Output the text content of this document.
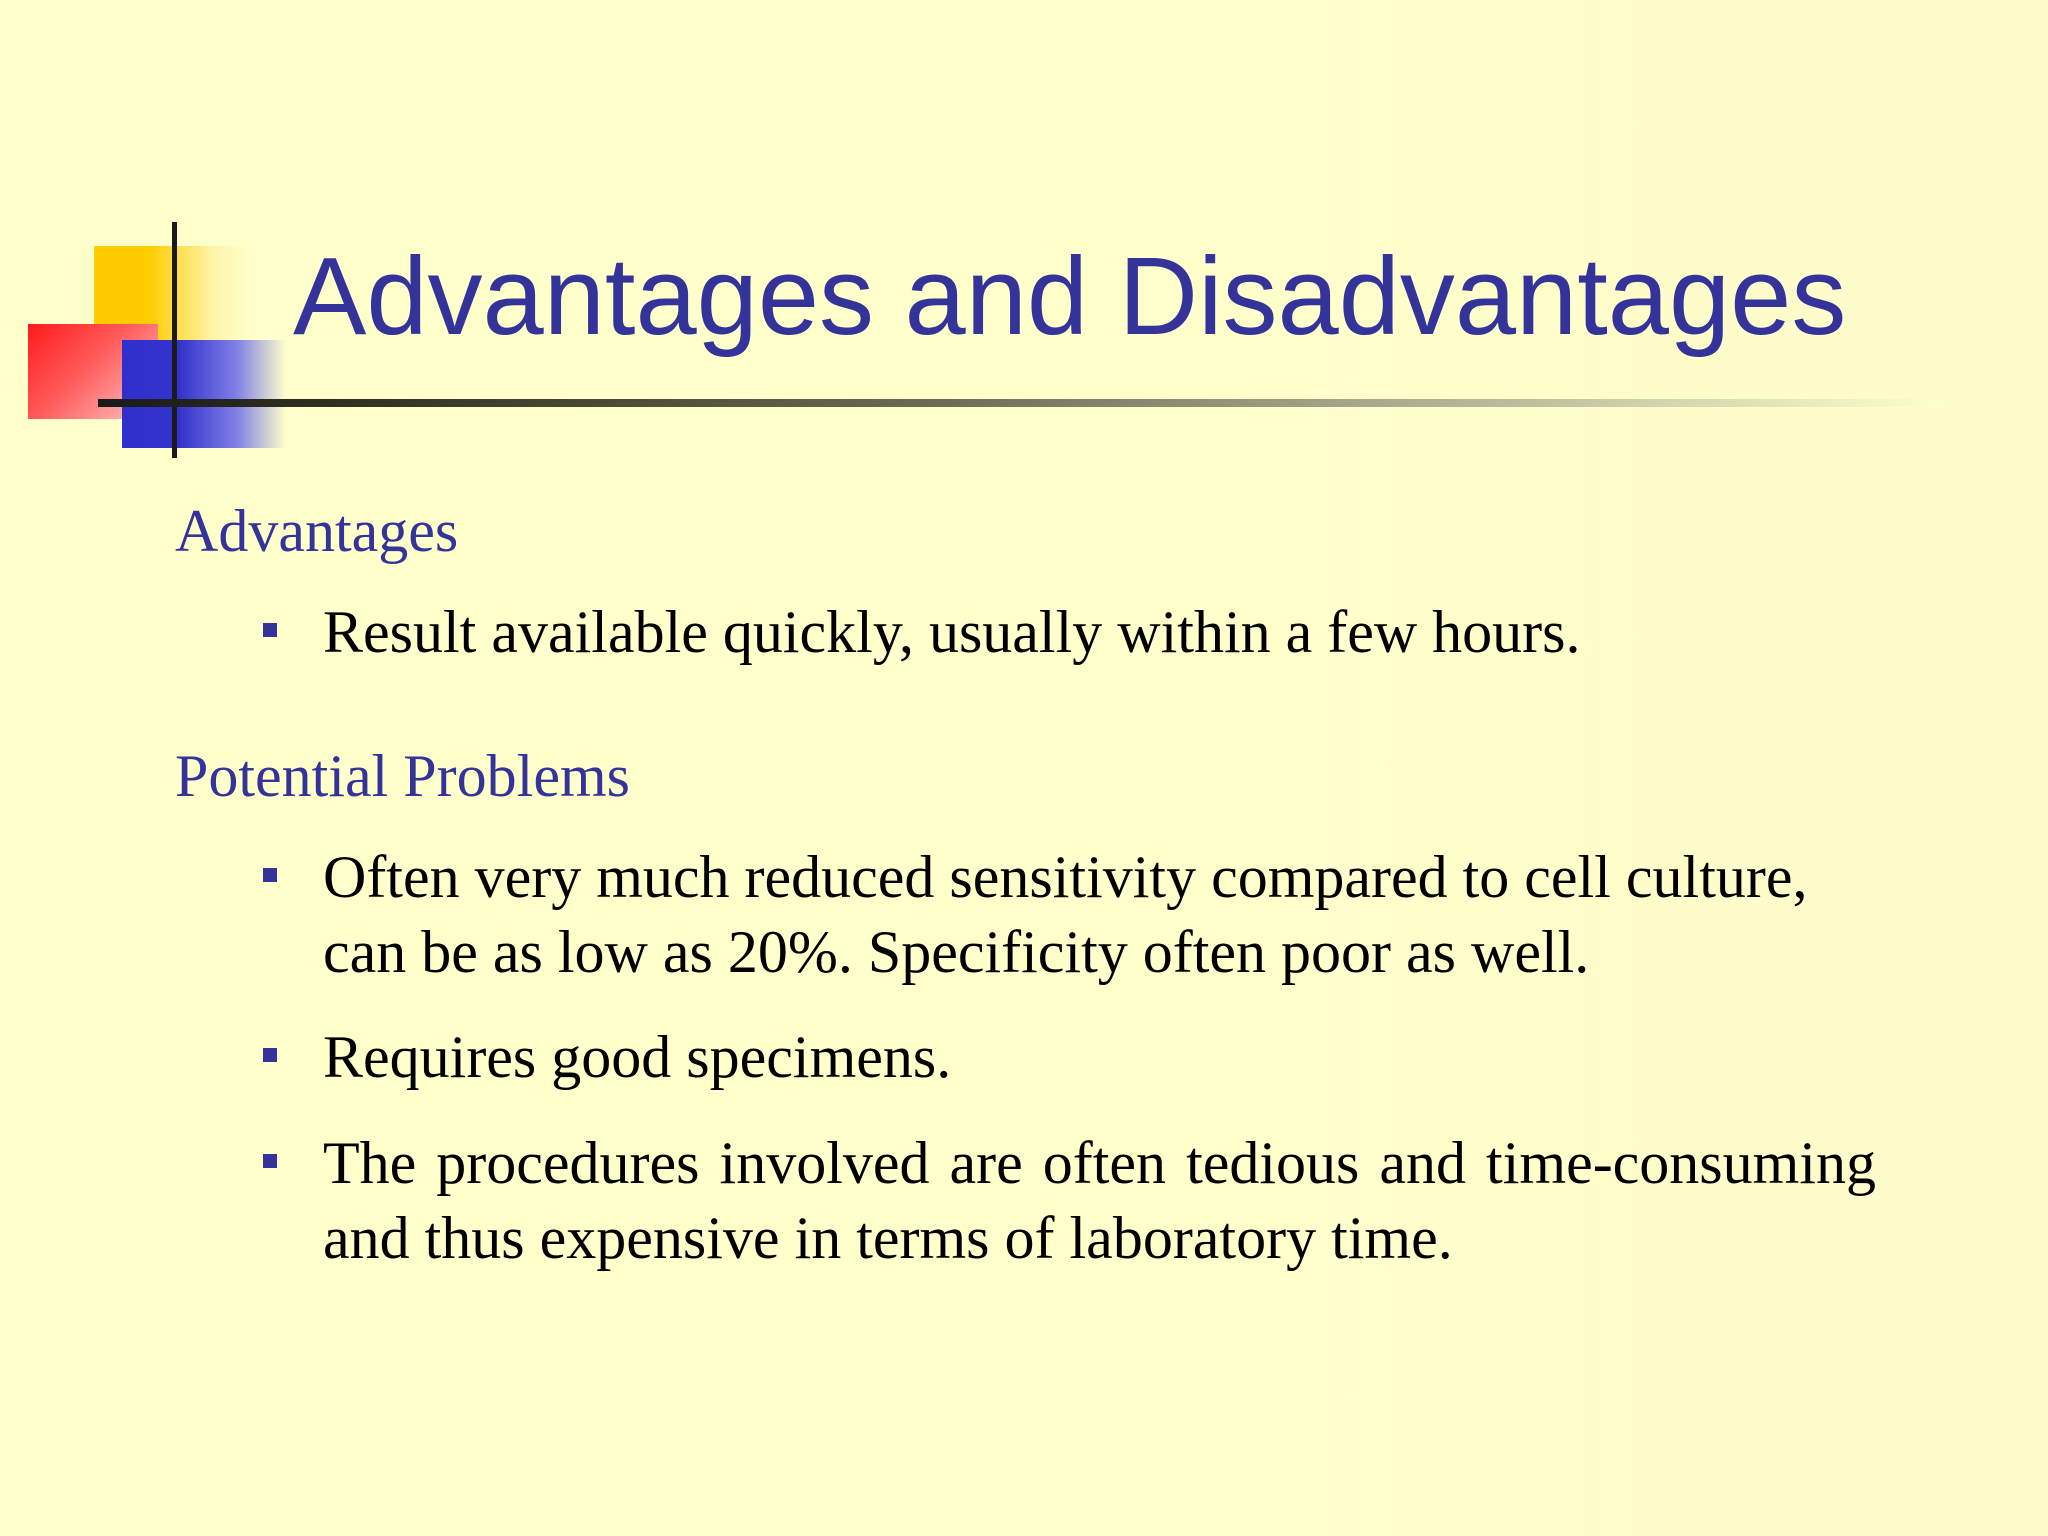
Advantages and Disadvantages
Advantages
Result available quickly, usually within a few hours.
Potential Problems
Often very much reduced sensitivity compared to cell culture, can be as low as 20%. Specificity often poor as well.
Requires good specimens.
The procedures involved are often tedious and time-consuming and thus expensive in terms of laboratory time.
